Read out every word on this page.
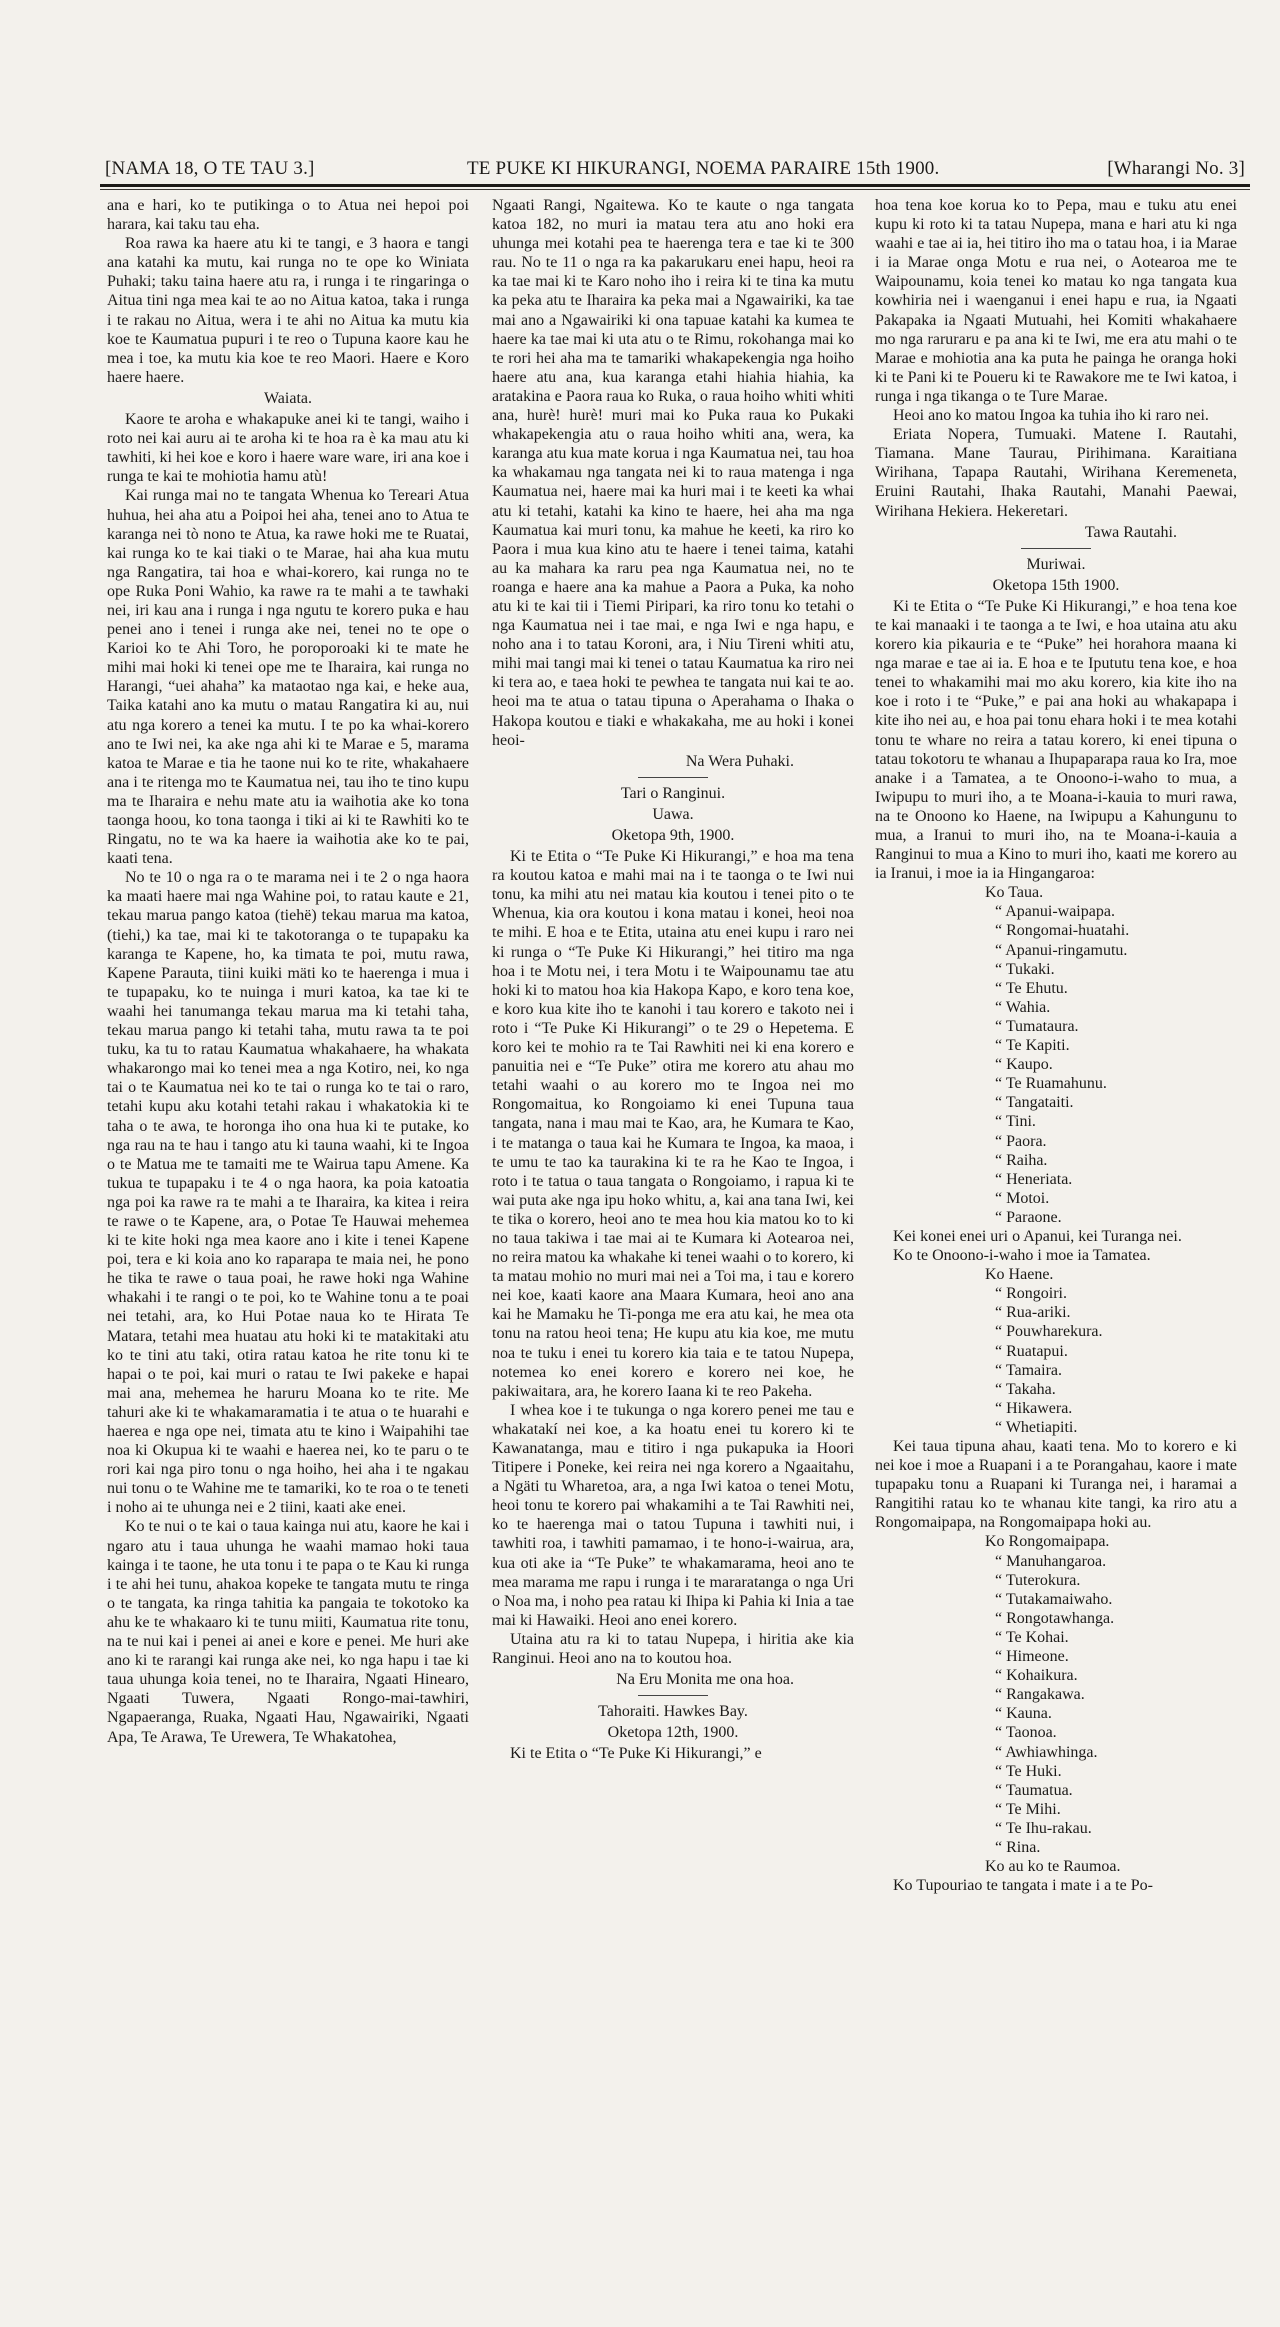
[NAMA 18, O TE TAU 3.]	TE PUKE KI HIKURANGI, NOEMA PARAIRE 15th 1900.	[Wharangi No. 3]

ana e hari, ko te putikinga o to Atua nei hepoi poi harara, kai taku tau eha.

Roa rawa ka haere atu ki te tangi, e 3 haora e tangi ana katahi ka mutu, kai runga no te ope ko Winiata Puhaki; taku taina haere atu ra, i runga i te ringaringa o Aitua tini nga mea kai te ao no Aitua katoa, taka i runga i te rakau no Aitua, wera i te ahi no Aitua ka mutu kia koe te Kaumatua pupuri i te reo o Tupuna kaore kau he mea i toe, ka mutu kia koe te reo Maori. Haere e Koro haere haere.

Waiata.

Kaore te aroha e whakapuke anei ki te tangi, waiho i roto nei kai auru ai te aroha ki te hoa ra è ka mau atu ki tawhiti, ki hei koe e koro i haere ware ware, iri ana koe i runga te kai te mohiotia hamu atù!

Kai runga mai no te tangata Whenua ko Tereari Atua huhua, hei aha atu a Poipoi hei aha, tenei ano to Atua te karanga nei tò nono te Atua, ka rawe hoki me te Ruatai, kai runga ko te kai tiaki o te Marae, hai aha kua mutu nga Rangatira, tai hoa e whai-korero, kai runga no te ope Ruka Poni Wahio, ka rawe ra te mahi a te tawhaki nei, iri kau ana i runga i nga ngutu te korero puka e hau penei ano i tenei i runga ake nei, tenei no te ope o Karioi ko te Ahi Toro, he poroporoaki ki te mate he mihi mai hoki ki tenei ope me te Iharaira, kai runga no Harangi, “uei ahaha” ka mataotao nga kai, e heke aua, Taika katahi ano ka mutu o matau Rangatira ki au, nui atu nga korero a tenei ka mutu. I te po ka whai-korero ano te Iwi nei, ka ake nga ahi ki te Marae e 5, marama katoa te Marae e tia he taone nui ko te rite, whakahaere ana i te ritenga mo te Kaumatua nei, tau iho te tino kupu ma te Iharaira e nehu mate atu ia waihotia ake ko tona taonga hoou, ko tona taonga i tiki ai ki te Rawhiti ko te Ringatu, no te wa ka haere ia waihotia ake ko te pai, kaati tena.

No te 10 o nga ra o te marama nei i te 2 o nga haora ka maati haere mai nga Wahine poi, to ratau kaute e 21, tekau marua pango katoa (tiehë) tekau marua ma katoa, (tiehi,) ka tae, mai ki te takotoranga o te tupapaku ka karanga te Kapene, ho, ka timata te poi, mutu rawa, Kapene Parauta, tiini kuiki mäti ko te haerenga i mua i te tupapaku, ko te nuinga i muri katoa, ka tae ki te waahi hei tanumanga tekau marua ma ki tetahi taha, tekau marua pango ki tetahi taha, mutu rawa ta te poi tuku, ka tu to ratau Kaumatua whakahaere, ha whakata whakarongo mai ko tenei mea a nga Kotiro, nei, ko nga tai o te Kaumatua nei ko te tai o runga ko te tai o raro, tetahi kupu aku kotahi tetahi rakau i whakatokia ki te taha o te awa, te horonga iho ona hua ki te putake, ko nga rau na te hau i tango atu ki tauna waahi, ki te Ingoa o te Matua me te tamaiti me te Wairua tapu Amene. Ka tukua te tupapaku i te 4 o nga haora, ka poia katoatia nga poi ka rawe ra te mahi a te Iharaira, ka kitea i reira te rawe o te Kapene, ara, o Potae Te Hauwai mehemea ki te kite hoki nga mea kaore ano i kite i tenei Kapene poi, tera e ki koia ano ko raparapa te maia nei, he pono he tika te rawe o taua poai, he rawe hoki nga Wahine whakahi i te rangi o te poi, ko te Wahine tonu a te poai nei tetahi, ara, ko Hui Potae naua ko te Hirata Te Matara, tetahi mea huatau atu hoki ki te matakitaki atu ko te tini atu taki, otira ratau katoa he rite tonu ki te hapai o te poi, kai muri o ratau te Iwi pakeke e hapai mai ana, mehemea he haruru Moana ko te rite. Me tahuri ake ki te whakamaramatia i te atua o te huarahi e haerea e nga ope nei, timata atu te kino i Waipahihi tae noa ki Okupua ki te waahi e haerea nei, ko te paru o te rori kai nga piro tonu o nga hoiho, hei aha i te ngakau nui tonu o te Wahine me te tamariki, ko te roa o te teneti i noho ai te uhunga nei e 2 tiini, kaati ake enei.

Ko te nui o te kai o taua kainga nui atu, kaore he kai i ngaro atu i taua uhunga he waahi mamao hoki taua kainga i te taone, he uta tonu i te papa o te Kau ki runga i te ahi hei tunu, ahakoa kopeke te tangata mutu te ringa o te tangata, ka ringa tahitia ka pangaia te tokotoko ka ahu ke te whakaaro ki te tunu miiti, Kaumatua rite tonu, na te nui kai i penei ai anei e kore e penei. Me huri ake ano ki te rarangi kai runga ake nei, ko nga hapu i tae ki taua uhunga koia tenei, no te Iharaira, Ngaati Hinearo, Ngaati Tuwera, Ngaati Rongo-mai-tawhiri, Ngapaeranga, Ruaka, Ngaati Hau, Ngawairiki, Ngaati Apa, Te Arawa, Te Urewera, Te Whakatohea,

Ngaati Rangi, Ngaitewa. Ko te kaute o nga tangata katoa 182, no muri ia matau tera atu ano hoki era uhunga mei kotahi pea te haerenga tera e tae ki te 300 rau. No te 11 o nga ra ka pakarukaru enei hapu, heoi ra ka tae mai ki te Karo noho iho i reira ki te tina ka mutu ka peka atu te Iharaira ka peka mai a Ngawairiki, ka tae mai ano a Ngawairiki ki ona tapuae katahi ka kumea te haere ka tae mai ki uta atu o te Rimu, rokohanga mai ko te rori hei aha ma te tamariki whakapekengia nga hoiho haere atu ana, kua karanga etahi hiahia hiahia, ka aratakina e Paora raua ko Ruka, o raua hoiho whiti whiti ana, hurè! hurè! muri mai ko Puka raua ko Pukaki whakapekengia atu o raua hoiho whiti ana, wera, ka karanga atu kua mate korua i nga Kaumatua nei, tau hoa ka whakamau nga tangata nei ki to raua matenga i nga Kaumatua nei, haere mai ka huri mai i te keeti ka whai atu ki tetahi, katahi ka kino te haere, hei aha ma nga Kaumatua kai muri tonu, ka mahue he keeti, ka riro ko Paora i mua kua kino atu te haere i tenei taima, katahi au ka mahara ka raru pea nga Kaumatua nei, no te roanga e haere ana ka mahue a Paora a Puka, ka noho atu ki te kai tii i Tiemi Piripari, ka riro tonu ko tetahi o nga Kaumatua nei i tae mai, e nga Iwi e nga hapu, e noho ana i to tatau Koroni, ara, i Niu Tireni whiti atu, mihi mai tangi mai ki tenei o tatau Kaumatua ka riro nei ki tera ao, e taea hoki te pewhea te tangata nui kai te ao. heoi ma te atua o tatau tipuna o Aperahama o Ihaka o Hakopa koutou e tiaki e whakakaha, me au hoki i konei heoi-

Na Wera Puhaki.
Tari o Ranginui.
Uawa.
Oketopa 9th, 1900.

Ki te Etita o “Te Puke Ki Hikurangi,” e hoa ma tena ra koutou katoa e mahi mai na i te taonga o te Iwi nui tonu, ka mihi atu nei matau kia koutou i tenei pito o te Whenua, kia ora koutou i kona matau i konei, heoi noa te mihi. E hoa e te Etita, utaina atu enei kupu i raro nei ki runga o “Te Puke Ki Hikurangi,” hei titiro ma nga hoa i te Motu nei, i tera Motu i te Waipounamu tae atu hoki ki to matou hoa kia Hakopa Kapo, e koro tena koe, e koro kua kite iho te kanohi i tau korero e takoto nei i roto i “Te Puke Ki Hikurangi” o te 29 o Hepetema. E koro kei te mohio ra te Tai Rawhiti nei ki ena korero e panuitia nei e “Te Puke” otira me korero atu ahau mo tetahi waahi o au korero mo te Ingoa nei mo Rongomaitua, ko Rongoiamo ki enei Tupuna taua tangata, nana i mau mai te Kao, ara, he Kumara te Kao, i te matanga o taua kai he Kumara te Ingoa, ka maoa, i te umu te tao ka taurakina ki te ra he Kao te Ingoa, i roto i te tatua o taua tangata o Rongoiamo, i rapua ki te wai puta ake nga ipu hoko whitu, a, kai ana tana Iwi, kei te tika o korero, heoi ano te mea hou kia matou ko to ki no taua takiwa i tae mai ai te Kumara ki Aotearoa nei, no reira matou ka whakahe ki tenei waahi o to korero, ki ta matau mohio no muri mai nei a Toi ma, i tau e korero nei koe, kaati kaore ana Maara Kumara, heoi ano ana kai he Mamaku he Ti-ponga me era atu kai, he mea ota tonu na ratou heoi tena; He kupu atu kia koe, me mutu noa te tuku i enei tu korero kia taia e te tatou Nupepa, notemea ko enei korero e korero nei koe, he pakiwaitara, ara, he korero Iaana ki te reo Pakeha.

I whea koe i te tukunga o nga korero penei me tau e whakatakí nei koe, a ka hoatu enei tu korero ki te Kawanatanga, mau e titiro i nga pukapuka ia Hoori Titipere i Poneke, kei reira nei nga korero a Ngaaitahu, a Ngäti tu Wharetoa, ara, a nga Iwi katoa o tenei Motu, heoi tonu te korero pai whakamihi a te Tai Rawhiti nei, ko te haerenga mai o tatou Tupuna i tawhiti nui, i tawhiti roa, i tawhiti pamamao, i te hono-i-wairua, ara, kua oti ake ia “Te Puke” te whakamarama, heoi ano te mea marama me rapu i runga i te mararatanga o nga Uri o Noa ma, i noho pea ratau ki Ihipa ki Pahia ki Inia a tae mai ki Hawaiki. Heoi ano enei korero.

Utaina atu ra ki to tatau Nupepa, i hiritia ake kia Ranginui. Heoi ano na to koutou hoa.

Na Eru Monita me ona hoa.
Tahoraiti. Hawkes Bay.
Oketopa 12th, 1900.

Ki te Etita o “Te Puke Ki Hikurangi,” e

hoa tena koe korua ko to Pepa, mau e tuku atu enei kupu ki roto ki ta tatau Nupepa, mana e hari atu ki nga waahi e tae ai ia, hei titiro iho ma o tatau hoa, i ia Marae i ia Marae onga Motu e rua nei, o Aotearoa me te Waipounamu, koia tenei ko matau ko nga tangata kua kowhiria nei i waenganui i enei hapu e rua, ia Ngaati Pakapaka ia Ngaati Mutuahi, hei Komiti whakahaere mo nga raruraru e pa ana ki te Iwi, me era atu mahi o te Marae e mohiotia ana ka puta he painga he oranga hoki ki te Pani ki te Poueru ki te Rawakore me te Iwi katoa, i runga i nga tikanga o te Ture Marae.

Heoi ano ko matou Ingoa ka tuhia iho ki raro nei.

Eriata Nopera, Tumuaki. Matene I. Rautahi, Tiamana. Mane Taurau, Pirihimana. Karaitiana Wirihana, Tapapa Rautahi, Wirihana Keremeneta, Eruini Rautahi, Ihaka Rautahi, Manahi Paewai, Wirihana Hekiera. Hekeretari.

Tawa Rautahi.
Muriwai.
Oketopa 15th 1900.

Ki te Etita o “Te Puke Ki Hikurangi,” e hoa tena koe te kai manaaki i te taonga a te Iwi, e hoa utaina atu aku korero kia pikauria e te “Puke” hei horahora maana ki nga marae e tae ai ia. E hoa e te Ipututu tena koe, e hoa tenei to whakamihi mai mo aku korero, kia kite iho na koe i roto i te “Puke,” e pai ana hoki au whakapapa i kite iho nei au, e hoa pai tonu ehara hoki i te mea kotahi tonu te whare no reira a tatau korero, ki enei tipuna o tatau tokotoru te whanau a Ihupaparapa raua ko Ira, moe anake i a Tamatea, a te Onoono-i-waho to mua, a Iwipupu to muri iho, a te Moana-i-kauia to muri rawa, na te Onoono ko Haene, na Iwipupu a Kahungunu to mua, a Iranui to muri iho, na te Moana-i-kauia a Ranginui to mua a Kino to muri iho, kaati me korero au ia Iranui, i moe ia ia Hingangaroa:

Ko Taua.
“ Apanui-waipapa.
“ Rongomai-huatahi.
“ Apanui-ringamutu.
“ Tukaki.
“ Te Ehutu.
“ Wahia.
“ Tumataura.
“ Te Kapiti.
“ Kaupo.
“ Te Ruamahunu.
“ Tangataiti.
“ Tini.
“ Paora.
“ Raiha.
“ Heneriata.
“ Motoi.
“ Paraone.

Kei konei enei uri o Apanui, kei Turanga nei.

Ko te Onoono-i-waho i moe ia Tamatea.

Ko Haene.
“ Rongoiri.
“ Rua-ariki.
“ Pouwharekura.
“ Ruatapui.
“ Tamaira.
“ Takaha.
“ Hikawera.
“ Whetiapiti.

Kei taua tipuna ahau, kaati tena. Mo to korero e ki nei koe i moe a Ruapani i a te Porangahau, kaore i mate tupapaku tonu a Ruapani ki Turanga nei, i haramai a Rangitihi ratau ko te whanau kite tangi, ka riro atu a Rongomaipapa, na Rongomaipapa hoki au.

Ko Rongomaipapa.
“ Manuhangaroa.
“ Tuterokura.
“ Tutakamaiwaho.
“ Rongotawhanga.
“ Te Kohai.
“ Himeone.
“ Kohaikura.
“ Rangakawa.
“ Kauna.
“ Taonoa.
“ Awhiawhinga.
“ Te Huki.
“ Taumatua.
“ Te Mihi.
“ Te Ihu-rakau.
“ Rina.
Ko au ko te Raumoa.

Ko Tupouriao te tangata i mate i a te Po-
